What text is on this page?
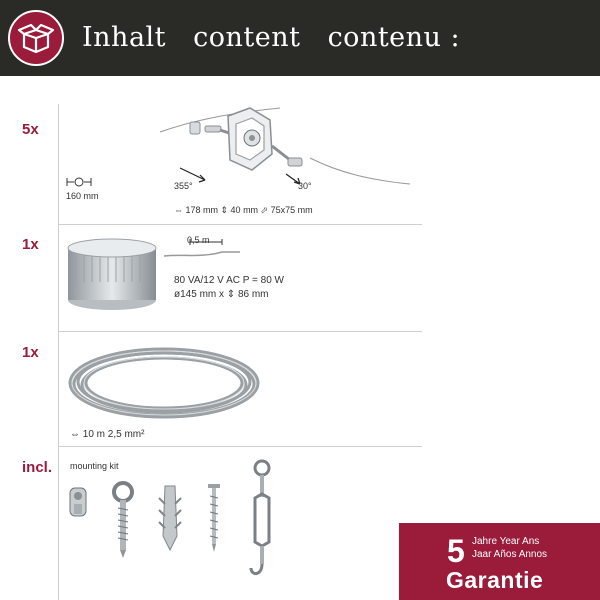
Inhalt content contenu :
5x
160 mm
355°	30°
⇔ 178 mm ⇕ 40 mm ⬀ 75x75 mm
1x	0,5 m
80 VA/12 V AC P = 80 W
ø145 mm x ⇕ 86 mm
1x
⇔ 10 m 2,5 mm²
incl. mounting kit
5 Jahre Year Ans
Jaar Años Annos
Garantie
